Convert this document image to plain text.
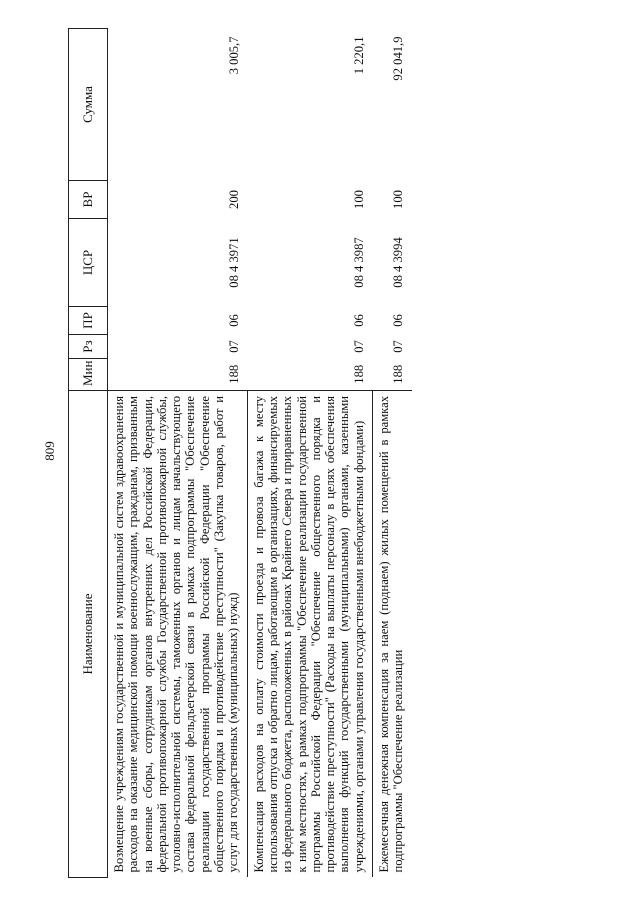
809
Наименование	Мин	Рз	ПР	ЦСР	ВР	Сумма
Возмещение учреждениям государственной и муниципальной систем здравоохранения расходов на оказание медицинской помощи военнослужащим, гражданам, призванным на военные сборы, сотрудникам органов внутренних дел Российской Федерации, федеральной противопожарной службы Государственной противопожарной службы, уголовно-исполнительной системы, таможенных органов и лицам начальствующего состава федеральной фельдъегерской связи в рамках подпрограммы "Обеспечение реализации государственной программы Российской Федерации "Обеспечение общественного порядка и противодействие преступности" (Закупка товаров, работ и услуг для государственных (муниципальных) нужд)	188	07	06	08 4 3971	200	3 005,7
Компенсация расходов на оплату стоимости проезда и провоза багажа к месту использования отпуска и обратно лицам, работающим в организациях, финансируемых из федерального бюджета, расположенных в районах Крайнего Севера и приравненных к ним местностях, в рамках подпрограммы "Обеспечение реализации государственной программы Российской Федерации "Обеспечение общественного порядка и противодействие преступности" (Расходы на выплаты персоналу в целях обеспечения выполнения функций государственными (муниципальными) органами, казенными учреждениями, органами управления государственными внебюджетными фондами)	188	07	06	08 4 3987	100	1 220,1
Ежемесячная денежная компенсация за наем (поднаем) жилых помещений в рамках подпрограммы "Обеспечение реализации	188	07	06	08 4 3994	100	92 041,9
